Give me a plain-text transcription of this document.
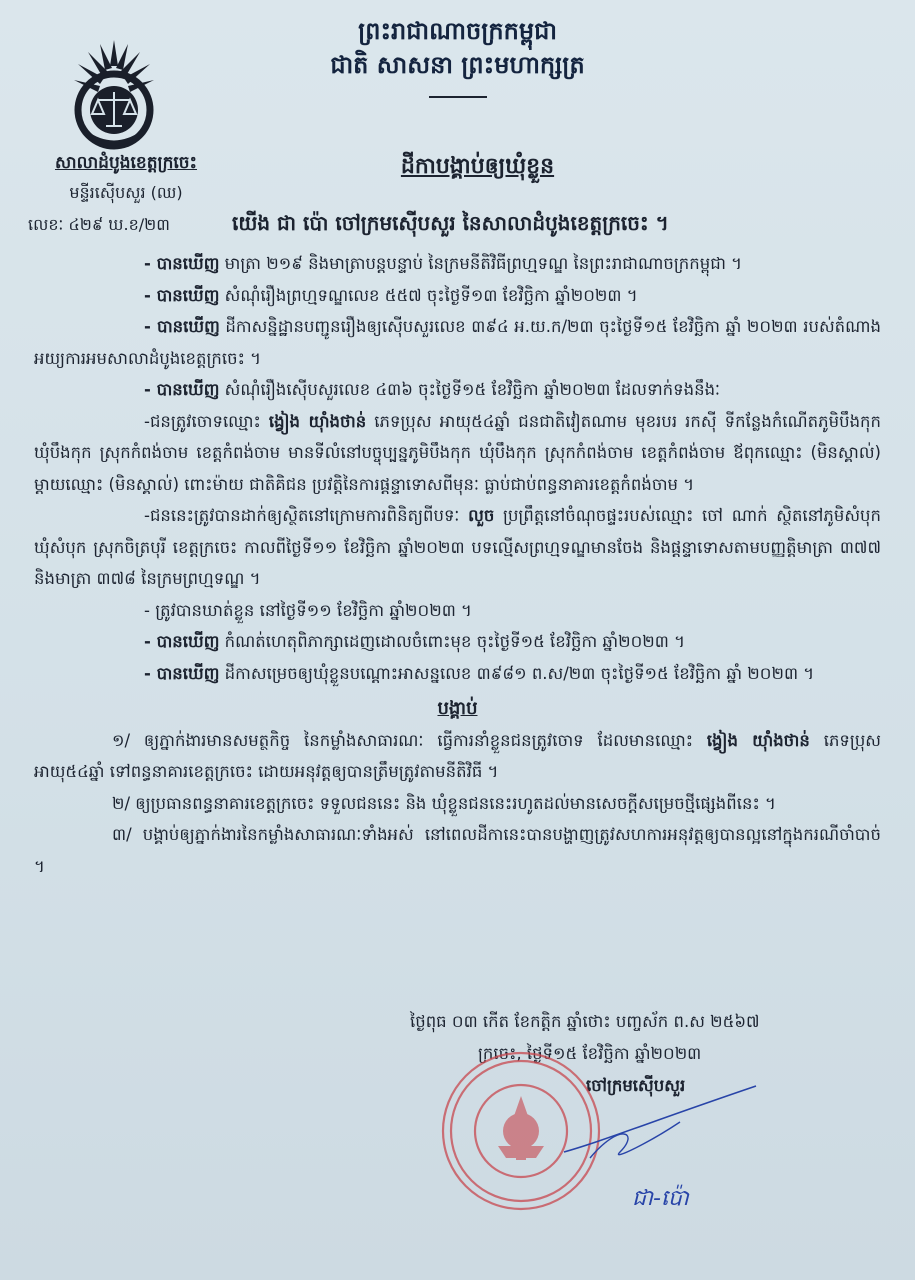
ព្រះរាជាណាចក្រកម្ពុជា
ជាតិ សាសនា ព្រះមហាក្សត្រ
សាលាដំបូងខេត្តក្រចេះ
មន្ទីរស៊ើបសួរ (ឈ)
ដីកាបង្គាប់ឲ្យឃុំខ្លួន
លេខៈ ៤២៩ ឃ.ខ/២៣	យើង ជា ប៉ោ ចៅក្រមស៊ើបសួរ នៃសាលាដំបូងខេត្តក្រចេះ ។

- បានឃើញ មាត្រា ២១៩ និងមាត្រាបន្តបន្ទាប់ នៃក្រមនីតិវិធីព្រហ្មទណ្ឌ នៃព្រះរាជាណាចក្រកម្ពុជា ។

- បានឃើញ សំណុំរឿងព្រហ្មទណ្ឌលេខ ៥៥៧ ចុះថ្ងៃទី១៣ ខែវិច្ឆិកា ឆ្នាំ២០២៣ ។

- បានឃើញ ដីកាសន្និដ្ឋានបញ្ជូនរឿងឲ្យស៊ើបសួរលេខ ៣៩៤ អ.យ.ក/២៣ ចុះថ្ងៃទី១៥ ខែវិច្ឆិកា ឆ្នាំ ២០២៣ របស់តំណាងអយ្យការអមសាលាដំបូងខេត្តក្រចេះ ។

- បានឃើញ សំណុំរឿងស៊ើបសួរលេខ ៤៣៦ ចុះថ្ងៃទី១៥ ខែវិច្ឆិកា ឆ្នាំ២០២៣ ដែលទាក់ទងនឹងៈ

-ជនត្រូវចោទឈ្មោះ ង្វៀង យ៉ាំងថាន់ ភេទប្រុស អាយុ៥៤ឆ្នាំ ជនជាតិវៀតណាម មុខរបរ រកស៊ី ទីកន្លែងកំណើតភូមិបឹងកុក ឃុំបឹងកុក ស្រុកកំពង់ចាម ខេត្តកំពង់ចាម មានទីលំនៅបច្ចុប្បន្នភូមិបឹងកុក ឃុំបឹងកុក ស្រុកកំពង់ចាម ខេត្តកំពង់ចាម ឪពុកឈ្មោះ (មិនស្គាល់) ម្តាយឈ្មោះ (មិនស្គាល់) ពោះម៉ាយ ជាតិគិជន ប្រវត្តិនៃការផ្តន្ទាទោសពីមុនៈ ធ្លាប់ជាប់ពន្ធនាគារខេត្តកំពង់ចាម ។

-ជននេះត្រូវបានដាក់ឲ្យស្ថិតនៅក្រោមការពិនិត្យពីបទៈ លួច ប្រព្រឹត្តនៅចំណុចផ្ទះរបស់ឈ្មោះ ចៅ ណាក់ ស្ថិតនៅភូមិសំបុក ឃុំសំបុក ស្រុកចិត្របុរី ខេត្តក្រចេះ កាលពីថ្ងៃទី១១ ខែវិច្ឆិកា ឆ្នាំ២០២៣ បទល្មើសព្រហ្មទណ្ឌមានចែង និងផ្តន្ទាទោសតាមបញ្ញត្តិមាត្រា ៣៧៧ និងមាត្រា ៣៧៨ នៃក្រមព្រហ្មទណ្ឌ ។

- ត្រូវបានឃាត់ខ្លួន នៅថ្ងៃទី១១ ខែវិច្ឆិកា ឆ្នាំ២០២៣ ។

- បានឃើញ កំណត់ហេតុពិភាក្សាដេញដោលចំពោះមុខ ចុះថ្ងៃទី១៥ ខែវិច្ឆិកា ឆ្នាំ២០២៣ ។

- បានឃើញ ដីកាសម្រេចឲ្យឃុំខ្លួនបណ្តោះអាសន្នលេខ ៣៩៨១ ព.ស/២៣ ចុះថ្ងៃទី១៥ ខែវិច្ឆិកា ឆ្នាំ ២០២៣ ។

បង្គាប់

១/ ឲ្យភ្នាក់ងារមានសមត្ថកិច្ច នៃកម្លាំងសាធារណៈ ធ្វើការនាំខ្លួនជនត្រូវចោទ ដែលមានឈ្មោះ ង្វៀង យ៉ាំងថាន់ ភេទប្រុស អាយុ៥៤ឆ្នាំ ទៅពន្ធនាគារខេត្តក្រចេះ ដោយអនុវត្តឲ្យបានត្រឹមត្រូវតាមនីតិវិធី ។

២/ ឲ្យប្រធានពន្ធនាគារខេត្តក្រចេះ ទទួលជននេះ និង ឃុំខ្លួនជននេះរហូតដល់មានសេចក្តីសម្រេចថ្មីផ្សេងពីនេះ ។

៣/ បង្គាប់ឲ្យភ្នាក់ងារនៃកម្លាំងសាធារណៈទាំងអស់ នៅពេលដីកានេះបានបង្ហាញត្រូវសហការអនុវត្តឲ្យបានល្អនៅក្នុងករណីចាំបាច់ ។

ថ្ងៃពុធ ០៣ កើត ខែកត្តិក ឆ្នាំថោះ បញ្ចស័ក ព.ស ២៥៦៧
ក្រចេះ, ថ្ងៃទី១៥ ខែវិច្ឆិកា ឆ្នាំ២០២៣
ចៅក្រមស៊ើបសួរ
ជា-ប៉ោ
